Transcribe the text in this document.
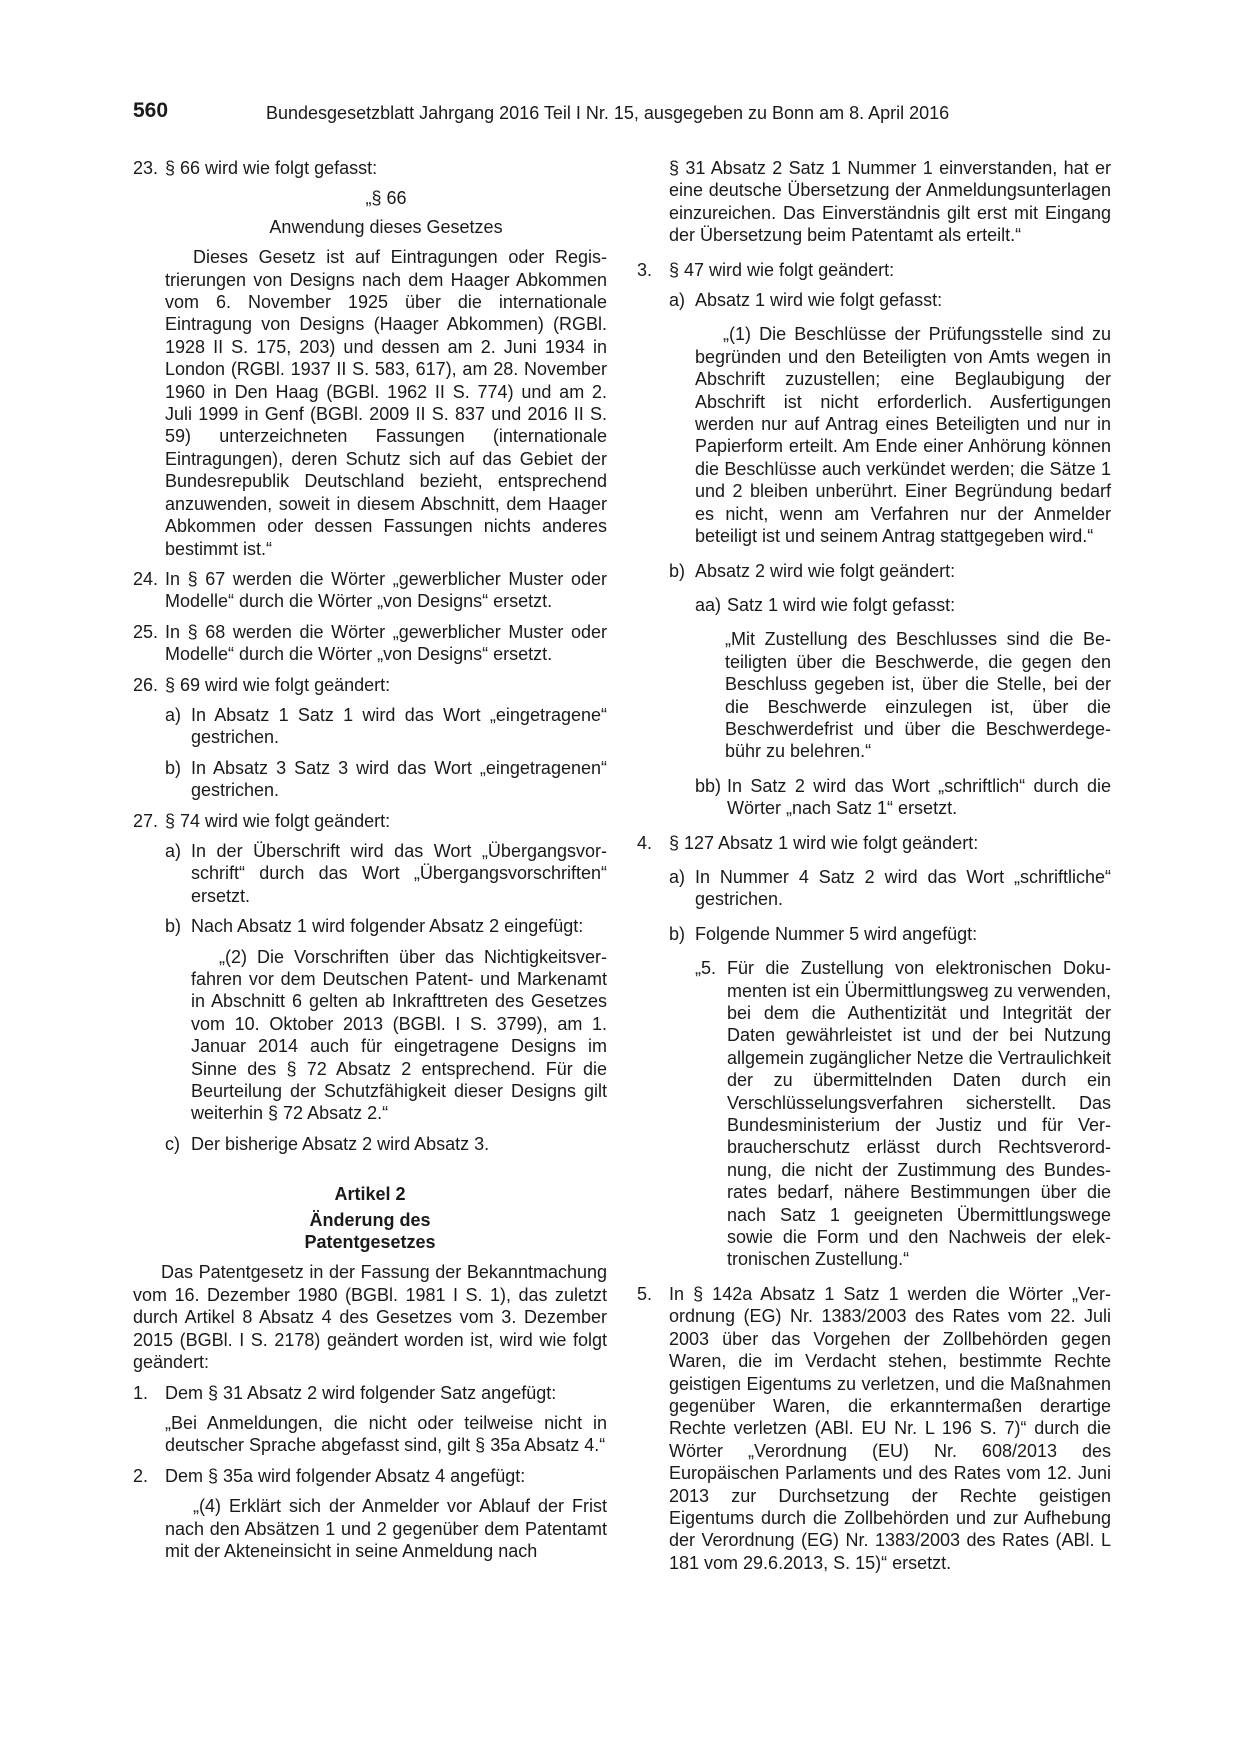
560	Bundesgesetzblatt Jahrgang 2016 Teil I Nr. 15, ausgegeben zu Bonn am 8. April 2016
23. § 66 wird wie folgt gefasst:

„§ 66

Anwendung dieses Gesetzes

Dieses Gesetz ist auf Eintragungen oder Registrierungen von Designs nach dem Haager Abkommen vom 6. November 1925 über die internationale Eintragung von Designs (Haager Abkommen) (RGBl. 1928 II S. 175, 203) und dessen am 2. Juni 1934 in London (RGBl. 1937 II S. 583, 617), am 28. November 1960 in Den Haag (BGBl. 1962 II S. 774) und am 2. Juli 1999 in Genf (BGBl. 2009 II S. 837 und 2016 II S. 59) unterzeichneten Fassungen (internationale Eintragungen), deren Schutz sich auf das Gebiet der Bundesrepublik Deutschland bezieht, entsprechend anzuwenden, soweit in diesem Abschnitt, dem Haager Abkommen oder dessen Fassungen nichts anderes bestimmt ist.“

24. In § 67 werden die Wörter „gewerblicher Muster oder Modelle“ durch die Wörter „von Designs“ ersetzt.
25. In § 68 werden die Wörter „gewerblicher Muster oder Modelle“ durch die Wörter „von Designs“ ersetzt.
26. § 69 wird wie folgt geändert:
a) In Absatz 1 Satz 1 wird das Wort „eingetragene“ gestrichen.
b) In Absatz 3 Satz 3 wird das Wort „eingetragenen“ gestrichen.
27. § 74 wird wie folgt geändert:
a) In der Überschrift wird das Wort „Übergangsvorschrift“ durch das Wort „Übergangsvorschriften“ ersetzt.
b) Nach Absatz 1 wird folgender Absatz 2 eingefügt:

„(2) Die Vorschriften über das Nichtigkeitsverfahren vor dem Deutschen Patent- und Markenamt in Abschnitt 6 gelten ab Inkrafttreten des Gesetzes vom 10. Oktober 2013 (BGBl. I S. 3799), am 1. Januar 2014 auch für eingetragene Designs im Sinne des § 72 Absatz 2 entsprechend. Für die Beurteilung der Schutzfähigkeit dieser Designs gilt weiterhin § 72 Absatz 2.“

c) Der bisherige Absatz 2 wird Absatz 3.

Artikel 2

Änderung des

Patentgesetzes

Das Patentgesetz in der Fassung der Bekanntmachung vom 16. Dezember 1980 (BGBl. 1981 I S. 1), das zuletzt durch Artikel 8 Absatz 4 des Gesetzes vom 3. Dezember 2015 (BGBl. I S. 2178) geändert worden ist, wird wie folgt geändert:

1. Dem § 31 Absatz 2 wird folgender Satz angefügt:

„Bei Anmeldungen, die nicht oder teilweise nicht in deutscher Sprache abgefasst sind, gilt § 35a Absatz 4.“

2. Dem § 35a wird folgender Absatz 4 angefügt:

„(4) Erklärt sich der Anmelder vor Ablauf der Frist nach den Absätzen 1 und 2 gegenüber dem Patentamt mit der Akteneinsicht in seine Anmeldung nach

§ 31 Absatz 2 Satz 1 Nummer 1 einverstanden, hat er eine deutsche Übersetzung der Anmeldungsunterlagen einzureichen. Das Einverständnis gilt erst mit Eingang der Übersetzung beim Patentamt als erteilt.“

3. § 47 wird wie folgt geändert:
a) Absatz 1 wird wie folgt gefasst:

„(1) Die Beschlüsse der Prüfungsstelle sind zu begründen und den Beteiligten von Amts wegen in Abschrift zuzustellen; eine Beglaubigung der Abschrift ist nicht erforderlich. Ausfertigungen werden nur auf Antrag eines Beteiligten und nur in Papierform erteilt. Am Ende einer Anhörung können die Beschlüsse auch verkündet werden; die Sätze 1 und 2 bleiben unberührt. Einer Begründung bedarf es nicht, wenn am Verfahren nur der Anmelder beteiligt ist und seinem Antrag stattgegeben wird.“

b) Absatz 2 wird wie folgt geändert:
aa) Satz 1 wird wie folgt gefasst:

„Mit Zustellung des Beschlusses sind die Beteiligten über die Beschwerde, die gegen den Beschluss gegeben ist, über die Stelle, bei der die Beschwerde einzulegen ist, über die Beschwerdefrist und über die Beschwerdegebühr zu belehren.“

bb) In Satz 2 wird das Wort „schriftlich“ durch die Wörter „nach Satz 1“ ersetzt.
4. § 127 Absatz 1 wird wie folgt geändert:
a) In Nummer 4 Satz 2 wird das Wort „schriftliche“ gestrichen.
b) Folgende Nummer 5 wird angefügt:
„5. Für die Zustellung von elektronischen Dokumenten ist ein Übermittlungsweg zu verwenden, bei dem die Authentizität und Integrität der Daten gewährleistet ist und der bei Nutzung allgemein zugänglicher Netze die Vertraulichkeit der zu übermittelnden Daten durch ein Verschlüsselungsverfahren sicherstellt. Das Bundesministerium der Justiz und für Verbraucherschutz erlässt durch Rechtsverordnung, die nicht der Zustimmung des Bundesrates bedarf, nähere Bestimmungen über die nach Satz 1 geeigneten Übermittlungswege sowie die Form und den Nachweis der elektronischen Zustellung.“
5. In § 142a Absatz 1 Satz 1 werden die Wörter „Verordnung (EG) Nr. 1383/2003 des Rates vom 22. Juli 2003 über das Vorgehen der Zollbehörden gegen Waren, die im Verdacht stehen, bestimmte Rechte geistigen Eigentums zu verletzen, und die Maßnahmen gegenüber Waren, die erkanntermaßen derartige Rechte verletzen (ABl. EU Nr. L 196 S. 7)“ durch die Wörter „Verordnung (EU) Nr. 608/2013 des Europäischen Parlaments und des Rates vom 12. Juni 2013 zur Durchsetzung der Rechte geistigen Eigentums durch die Zollbehörden und zur Aufhebung der Verordnung (EG) Nr. 1383/2003 des Rates (ABl. L 181 vom 29.6.2013, S. 15)“ ersetzt.
